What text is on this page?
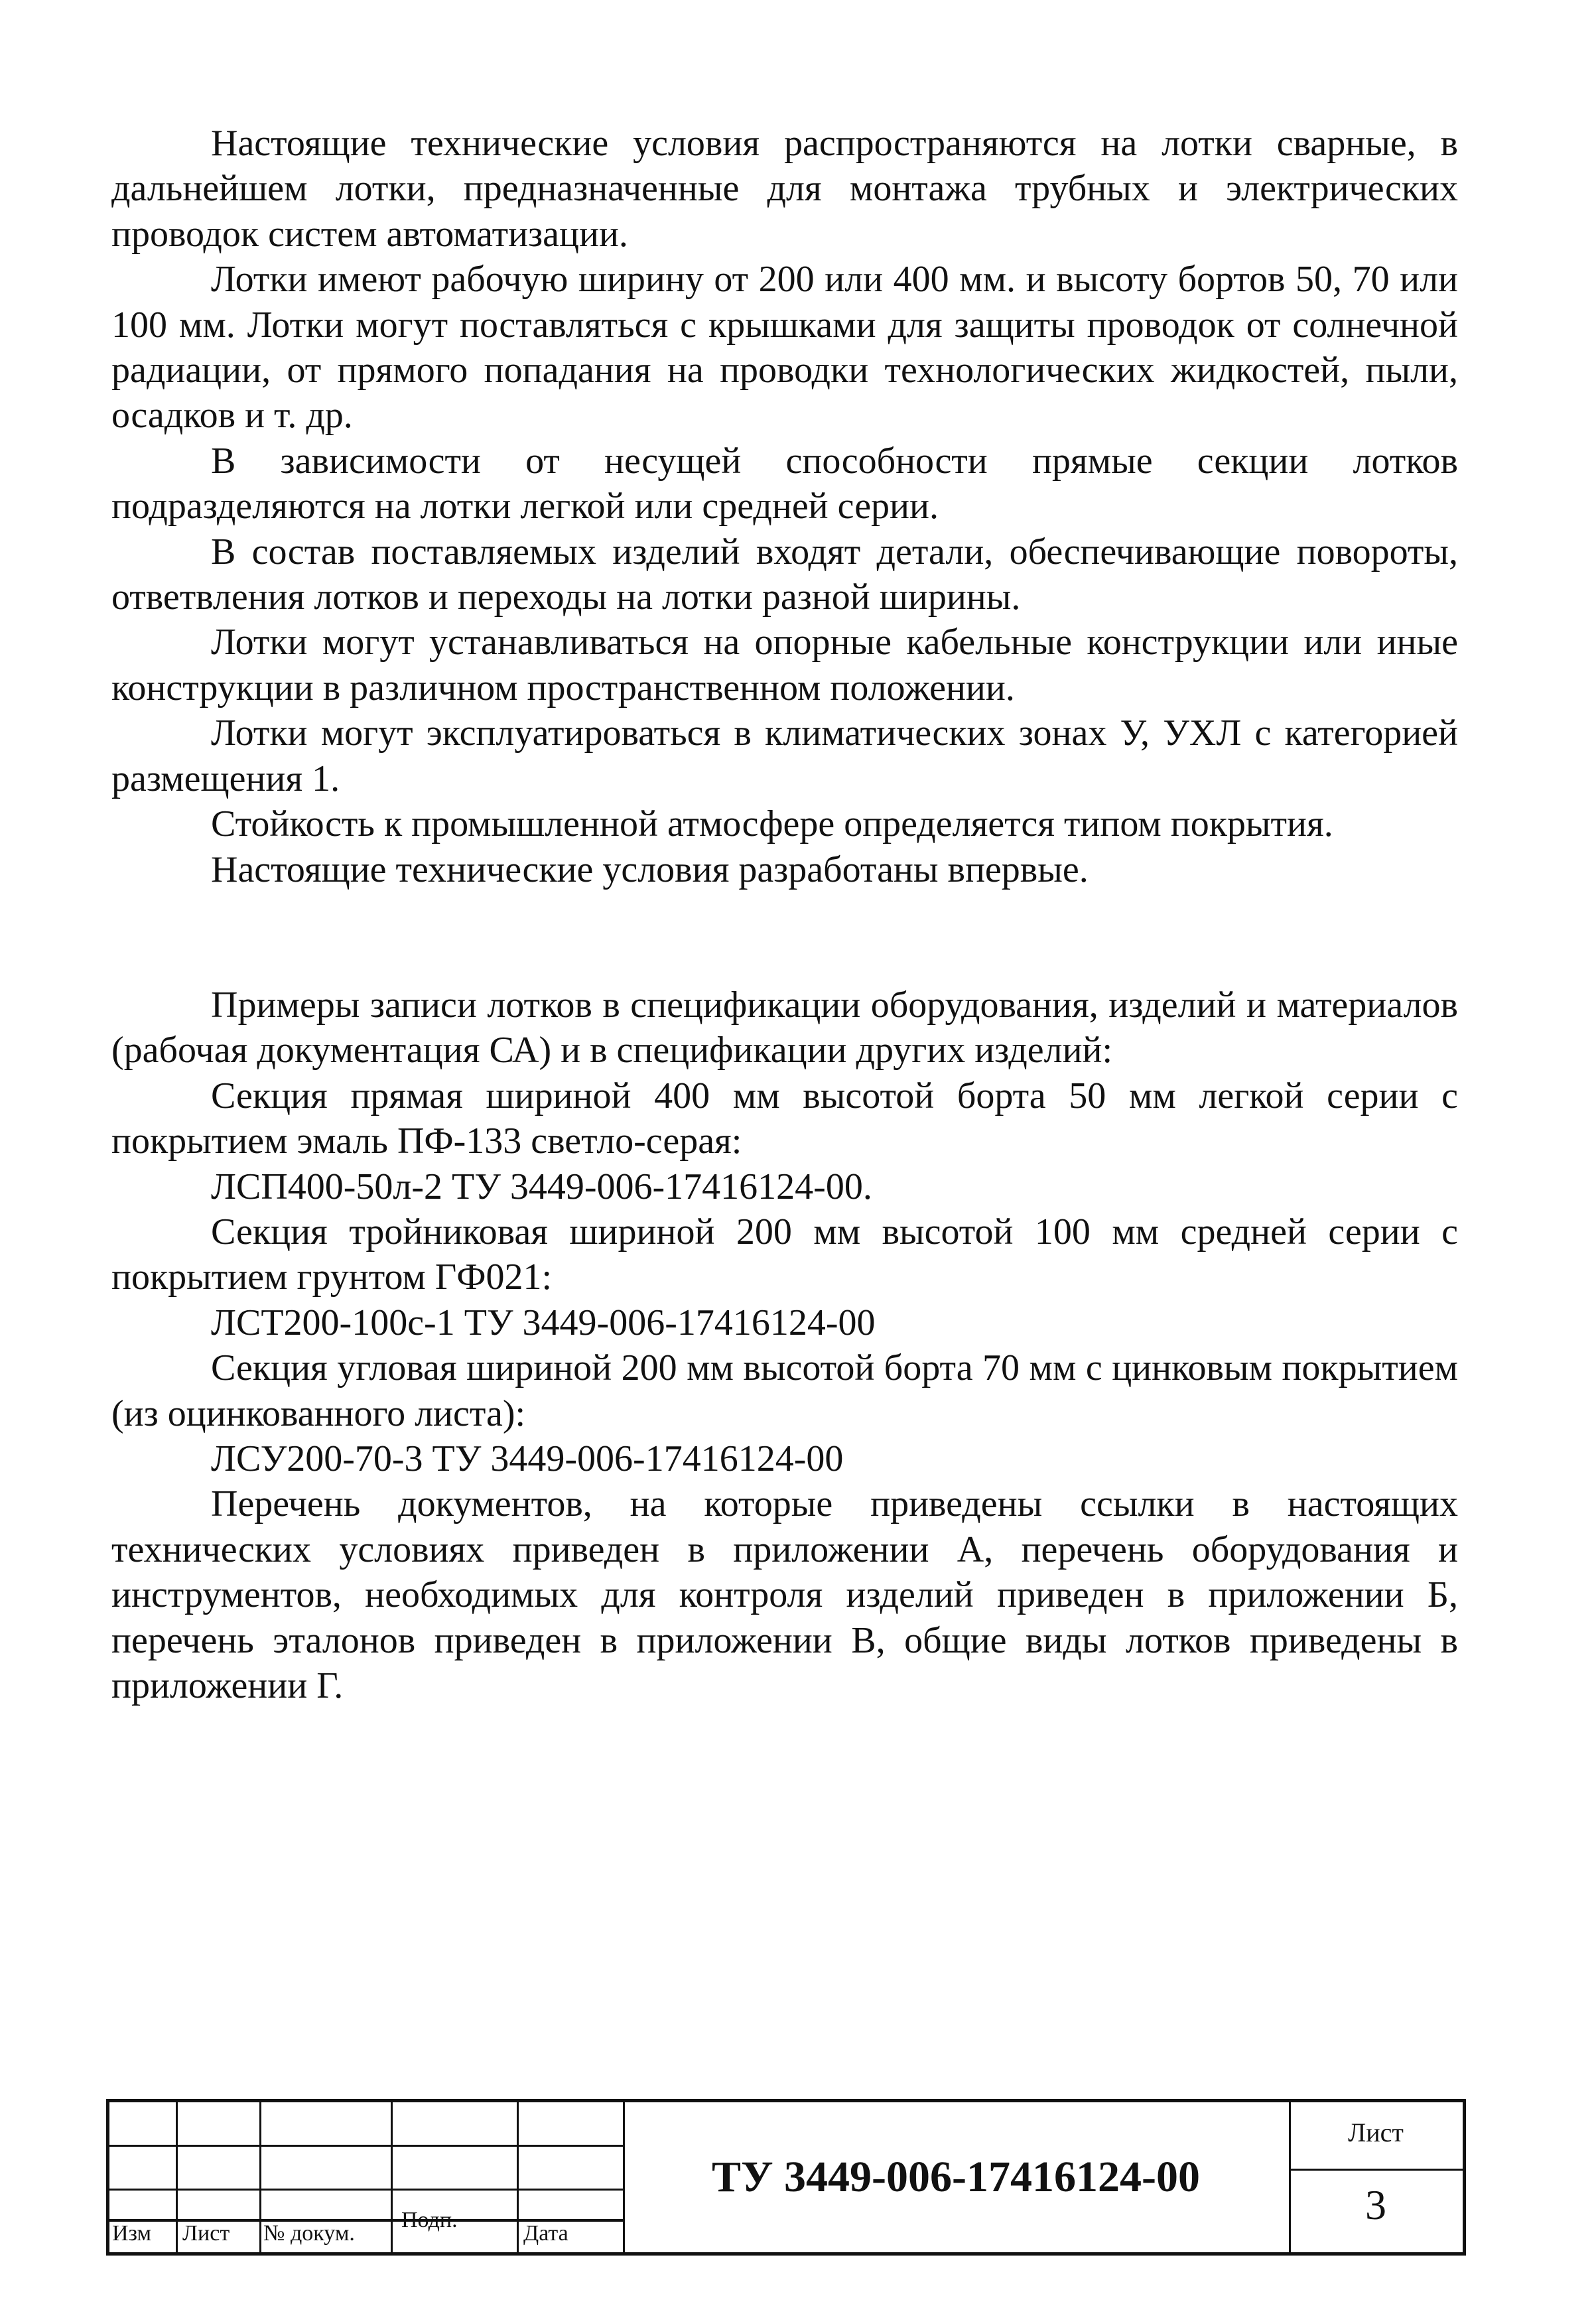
Настоящие технические условия распространяются на лотки сварные, в дальнейшем лотки, предназначенные для монтажа трубных и электрических проводок систем автоматизации.

Лотки имеют рабочую ширину от 200 или 400 мм. и высоту бортов 50, 70 или 100 мм. Лотки могут поставляться с крышками для защиты проводок от солнечной радиации, от прямого попадания на проводки технологических жидкостей, пыли, осадков и т. др.

В зависимости от несущей способности прямые секции лотков подразделяются на лотки легкой или средней серии.

В состав поставляемых изделий входят детали, обеспечивающие повороты, ответвления лотков и переходы на лотки разной ширины.

Лотки могут устанавливаться на опорные кабельные конструкции или иные конструкции в различном пространственном положении.

Лотки могут эксплуатироваться в климатических зонах У, УХЛ с категорией размещения 1.

Стойкость к промышленной атмосфере определяется типом покрытия.

Настоящие технические условия разработаны впервые.

Примеры записи лотков в спецификации оборудования, изделий и материалов (рабочая документация СА) и в спецификации других изделий:

Секция прямая шириной 400 мм высотой борта 50 мм легкой серии с покрытием эмаль ПФ-133 светло-серая:

ЛСП400-50л-2 ТУ 3449-006-17416124-00.

Секция тройниковая шириной 200 мм высотой 100 мм средней серии с покрытием грунтом ГФ021:

ЛСТ200-100с-1 ТУ 3449-006-17416124-00

Секция угловая шириной 200 мм высотой борта 70 мм с цинковым покрытием (из оцинкованного листа):

ЛСУ200-70-3 ТУ 3449-006-17416124-00

Перечень документов, на которые приведены ссылки в настоящих технических условиях приведен в приложении А, перечень оборудования и инструментов, необходимых для контроля изделий приведен в приложении Б, перечень эталонов приведен в приложении В, общие виды лотков приведены в приложении Г.

Изм Лист № докум.
Подп.
Дата
ТУ 3449-006-17416124-00
Лист
3
